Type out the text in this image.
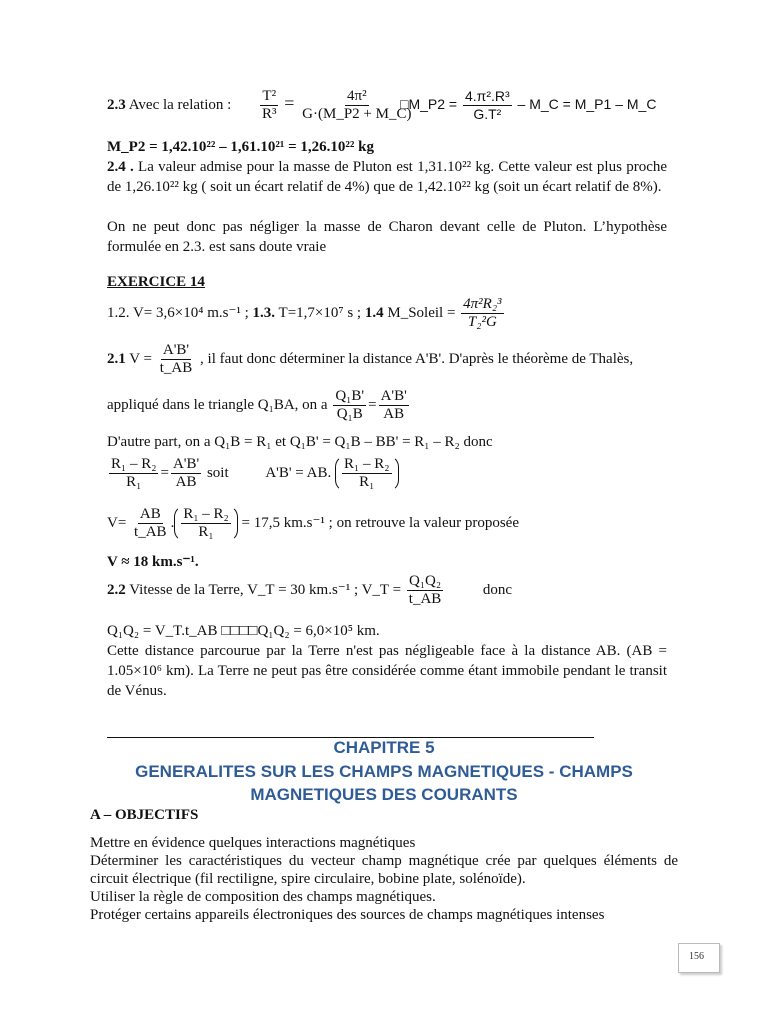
2.3 Avec la relation : $\frac{\text{T²}}{\text{R³}} = \frac{\text{4π²}}{G\cdot(M\_P2 + M\_C)}$
□M_P2 = $\frac{\text{4.π².R³}}{\text{G.T²}}$ – M_C = M_P1 – M_C
M_P2 = 1,42.10²² – 1,61.10²¹ = 1,26.10²² kg
2.4 . La valeur admise pour la masse de Pluton est 1,31.10²² kg. Cette valeur est plus proche de 1,26.10²² kg ( soit un écart relatif de 4%) que de 1,42.10²² kg (soit un écart relatif de 8%).
On ne peut donc pas négliger la masse de Charon devant celle de Pluton. L’hypothèse formulée en 2.3. est sans doute vraie
EXERCICE 14
1.2. V= 3,6×10⁴ m.s⁻¹ ; 1.3. T=1,7×10⁷ s ; 1.4 M_Soleil = $\frac{\text{4π²R₂³}}{\text{T₂²G}}$
2.1 $V = \frac{A'B'}{t\_AB}$ , il faut donc déterminer la distance A'B'. D'après le théorème de Thalès,
appliqué dans le triangle Q₁BA, on a $\frac{\text{Q₁B'}}{\text{Q₁B}} = \frac{A'B'}{AB}$
D'autre part, on a Q₁B = R₁ et Q₁B' = Q₁B – BB' = R₁ – R₂ donc
$\frac{\text{R₁ – R₂}}{\text{R₁}} = \frac{A'B'}{AB}$ soit A'B' = AB. $\frac{\text{R₁ – R₂}}{\text{R₁}}$
$V= \frac{AB}{t\_AB}$ . $\frac{\text{R₁ – R₂}}{\text{R₁}} = 17,5$ km.s⁻¹ ; on retrouve la valeur proposée
V ≈ 18 km.s⁻¹.
2.2 Vitesse de la Terre, V_T = 30 km.s⁻¹ ; V_T = $\frac{\text{Q₁Q₂}}{t\_AB}$	donc
Q₁Q₂ = V_T.t_AB □□□□Q₁Q₂ = 6,0×10⁵ km.
Cette distance parcourue par la Terre n'est pas négligeable face à la distance AB. (AB = 1.05×10⁶ km). La Terre ne peut pas être considérée comme étant immobile pendant le transit de Vénus.
CHAPITRE 5
GENERALITES SUR LES CHAMPS MAGNETIQUES - CHAMPS
MAGNETIQUES DES COURANTS
A – OBJECTIFS
Mettre en évidence quelques interactions magnétiques
Déterminer les caractéristiques du vecteur champ magnétique crée par quelques éléments de circuit électrique (fil rectiligne, spire circulaire, bobine plate, solénoïde).
Utiliser la règle de composition des champs magnétiques.
Protéger certains appareils électroniques des sources de champs magnétiques intenses
156
